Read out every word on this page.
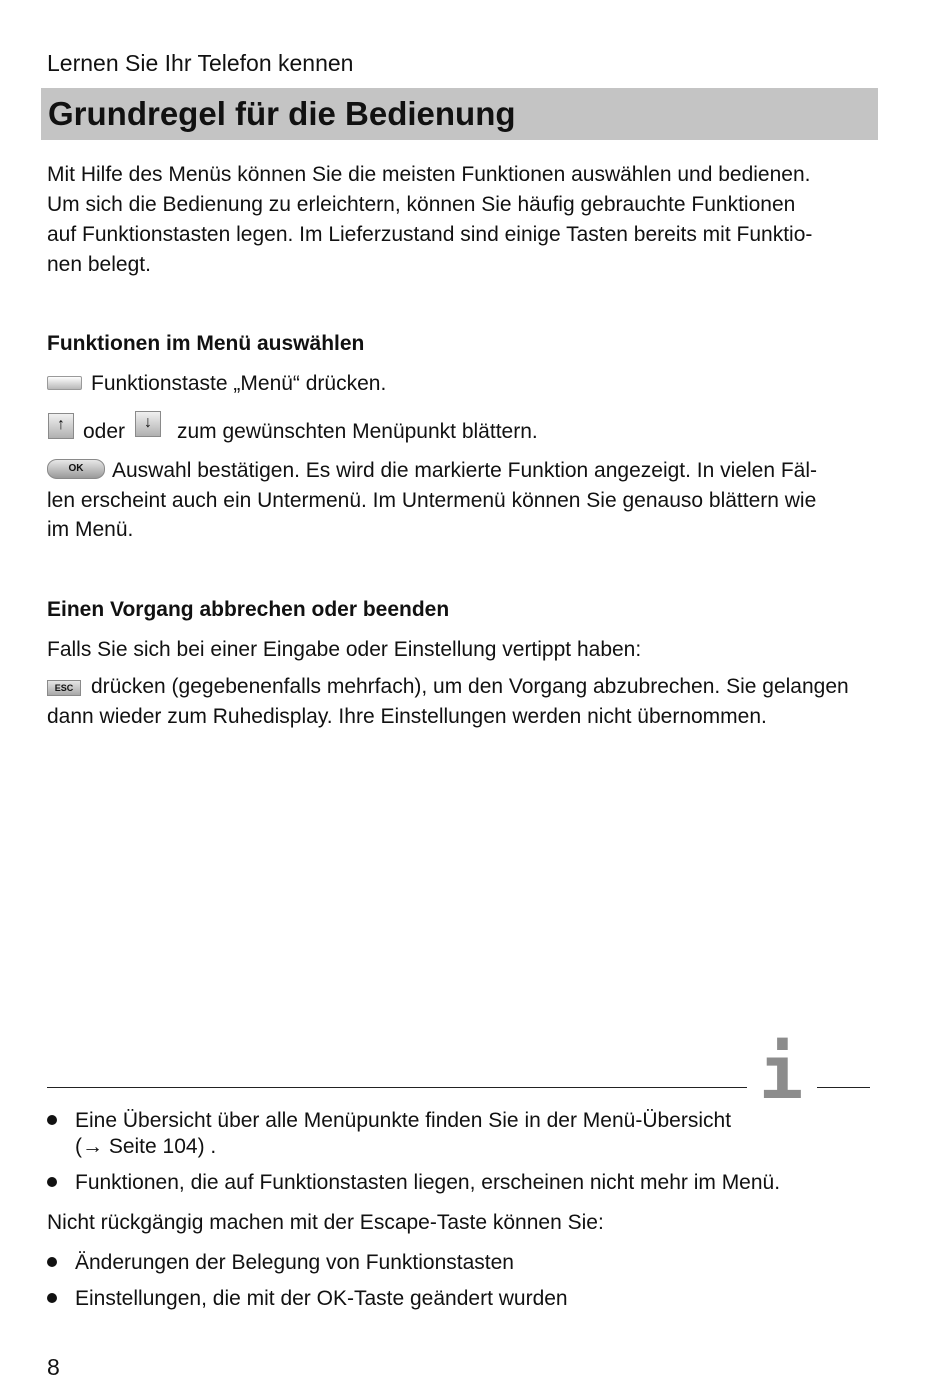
Lernen Sie Ihr Telefon kennen
Grundregel für die Bedienung
Mit Hilfe des Menüs können Sie die meisten Funktionen auswählen und bedienen.
Um sich die Bedienung zu erleichtern, können Sie häufig gebrauchte Funktionen
auf Funktionstasten legen. Im Lieferzustand sind einige Tasten bereits mit Funktio-
nen belegt.
Funktionen im Menü auswählen
Funktionstaste „Menü“ drücken.
↑ oder	↓	zum gewünschten Menüpunkt blättern.
OK	Auswahl bestätigen. Es wird die markierte Funktion angezeigt. In vielen Fäl-
len erscheint auch ein Untermenü. Im Untermenü können Sie genauso blättern wie
im Menü.
Einen Vorgang abbrechen oder beenden
Falls Sie sich bei einer Eingabe oder Einstellung vertippt haben:
ESC drücken (gegebenenfalls mehrfach), um den Vorgang abzubrechen. Sie gelangen
dann wieder zum Ruhedisplay. Ihre Einstellungen werden nicht übernommen.
i
Eine Übersicht über alle Menüpunkte finden Sie in der Menü-Übersicht
(→ Seite 104) .
Funktionen, die auf Funktionstasten liegen, erscheinen nicht mehr im Menü.
Nicht rückgängig machen mit der Escape-Taste können Sie:
Änderungen der Belegung von Funktionstasten
Einstellungen, die mit der OK-Taste geändert wurden
8
